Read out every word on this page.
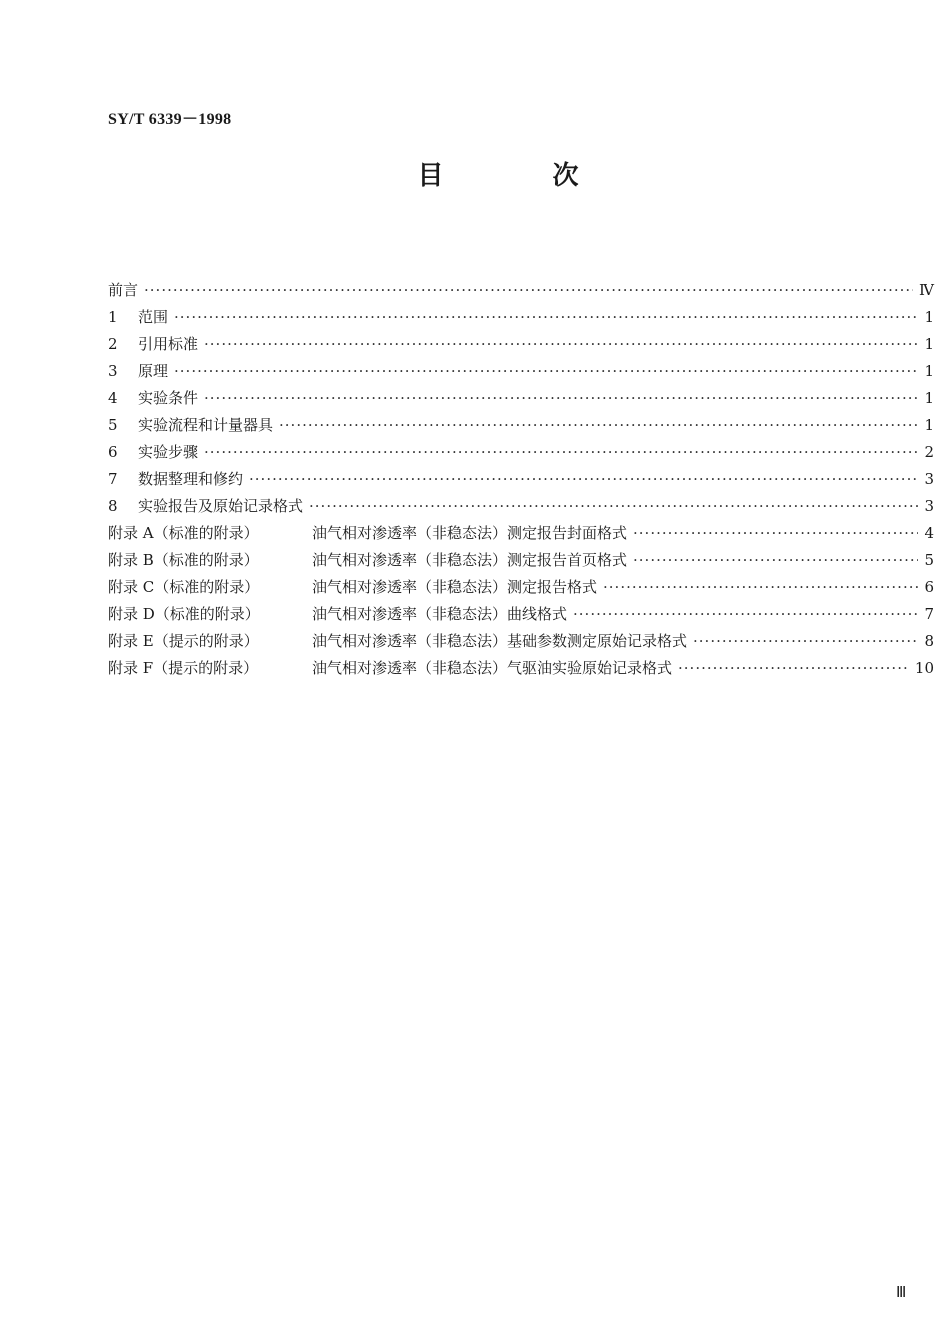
SY/T 6339－1998
目 次
前言 ·····	Ⅳ
1	范围 ·····	1
2	引用标准 ·····	1
3	原理 ·····	1
4	实验条件 ·····	1
5	实验流程和计量器具 ·····	1
6	实验步骤 ·····	2
7	数据整理和修约 ·····	3
8	实验报告及原始记录格式 ·····	3
附录 A（标准的附录）	油气相对渗透率（非稳态法）测定报告封面格式 ·····	4
附录 B（标准的附录）	油气相对渗透率（非稳态法）测定报告首页格式 ·····	5
附录 C（标准的附录）	油气相对渗透率（非稳态法）测定报告格式 ·····	6
附录 D（标准的附录）	油气相对渗透率（非稳态法）曲线格式 ·····	7
附录 E（提示的附录）	油气相对渗透率（非稳态法）基础参数测定原始记录格式 ·····	8
附录 F（提示的附录）	油气相对渗透率（非稳态法）气驱油实验原始记录格式 ·····	10
Ⅲ
